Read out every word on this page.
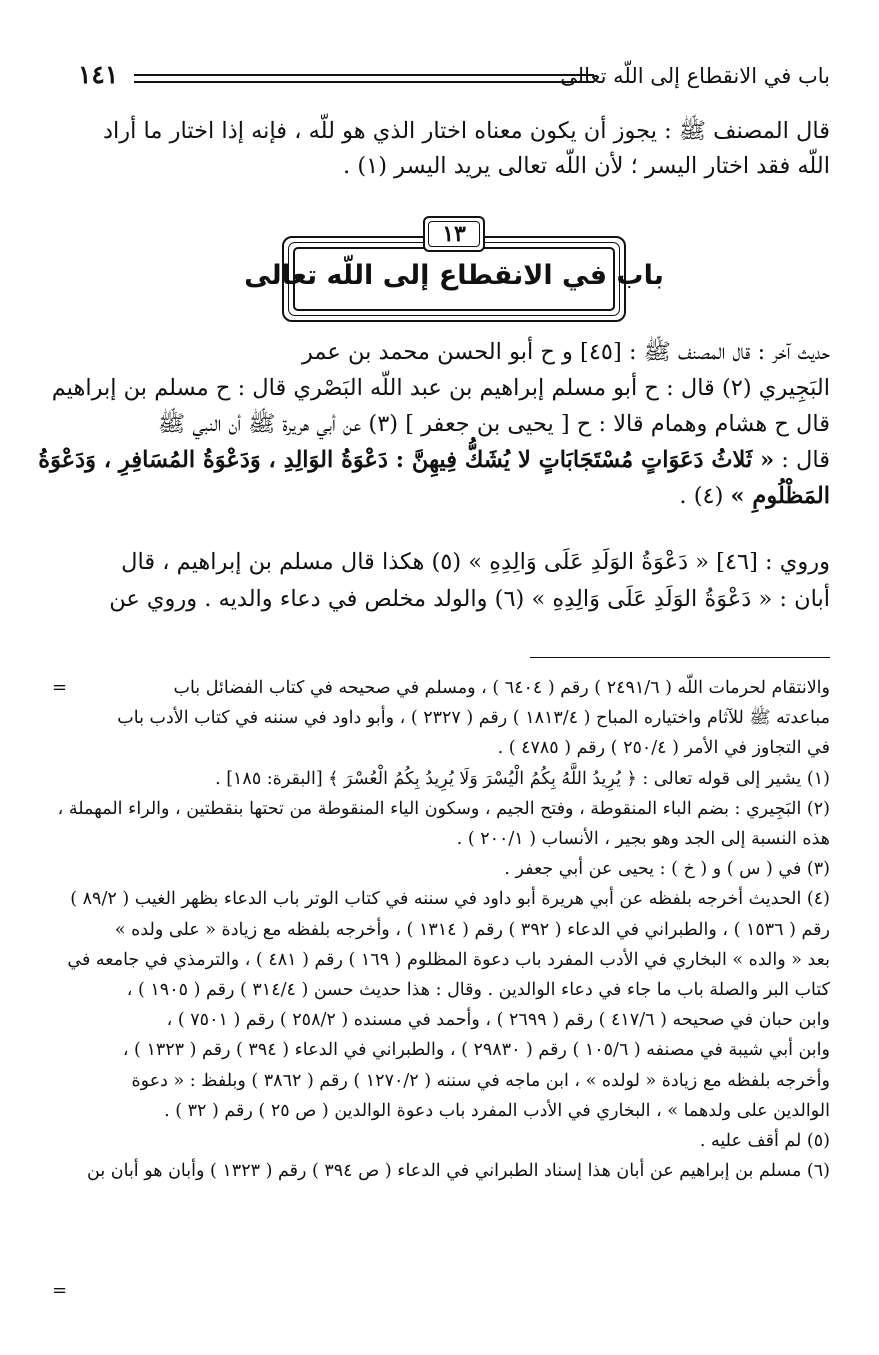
باب في الانقطاع إلى اللّه تعالى
١٤١
قال المصنف ﷺ : يجوز أن يكون معناه اختار الذي هو للّه ، فإنه إذا اختار ما أراد
اللّه فقد اختار اليسر ؛ لأن اللّه تعالى يريد اليسر (١) .
١٣
باب في الانقطاع إلى اللّه تعالى
حديث آخر : قال المصنف ﷺ : [٤٥] و ح أبو الحسن محمد بن عمر
البَجِيري (٢) قال : ح أبو مسلم إبراهيم بن عبد اللّه البَصْري قال : ح مسلم بن إبراهيم
قال ح هشام وهمام قالا : ح [ يحيى بن جعفر ] (٣) عن أبي هريرة ﷺ أن النبي ﷺ
قال : « ثَلاثُ دَعَوَاتٍ مُسْتَجَابَاتٍ لا يُشَكُّ فِيهِنَّ : دَعْوَةُ الوَالِدِ ، وَدَعْوَةُ المُسَافِرِ ، وَدَعْوَةُ
المَظْلُومِ » (٤) .
وروي : [٤٦] « دَعْوَةُ الوَلَدِ عَلَى وَالِدِهِ » (٥) هكذا قال مسلم بن إبراهيم ، قال
أبان : « دَعْوَةُ الوَلَدِ عَلَى وَالِدِهِ » (٦) والولد مخلص في دعاء والديه . وروي عن
=	والانتقام لحرمات اللّه ( ٢٤٩١/٦ ) رقم ( ٦٤٠٤ ) ، ومسلم في صحيحه في كتاب الفضائل باب
مباعدته ﷺ للآثام واختياره المباح ( ١٨١٣/٤ ) رقم ( ٢٣٢٧ ) ، وأبو داود في سننه في كتاب الأدب باب
في التجاوز في الأمر ( ٢٥٠/٤ ) رقم ( ٤٧٨٥ ) .
(١) يشير إلى قوله تعالى : ﴿ يُرِيدُ اللَّهُ بِكُمُ الْيُسْرَ وَلَا يُرِيدُ بِكُمُ الْعُسْرَ ﴾ [البقرة: ١٨٥] .
(٢) البَجِيري : بضم الباء المنقوطة ، وفتح الجيم ، وسكون الياء المنقوطة من تحتها بنقطتين ، والراء المهملة ،
هذه النسبة إلى الجد وهو بجير ، الأنساب ( ٢٠٠/١ ) .
(٣) في ( س ) و ( خ ) : يحيى عن أبي جعفر .
(٤) الحديث أخرجه بلفظه عن أبي هريرة أبو داود في سننه في كتاب الوتر باب الدعاء بظهر الغيب ( ٨٩/٢ )
رقم ( ١٥٣٦ ) ، والطبراني في الدعاء ( ٣٩٢ ) رقم ( ١٣١٤ ) ، وأخرجه بلفظه مع زيادة « على ولده »
بعد « والده » البخاري في الأدب المفرد باب دعوة المظلوم ( ١٦٩ ) رقم ( ٤٨١ ) ، والترمذي في جامعه في
كتاب البر والصلة باب ما جاء في دعاء الوالدين . وقال : هذا حديث حسن ( ٣١٤/٤ ) رقم ( ١٩٠٥ ) ،
وابن حبان في صحيحه ( ٤١٧/٦ ) رقم ( ٢٦٩٩ ) ، وأحمد في مسنده ( ٢٥٨/٢ ) رقم ( ٧٥٠١ ) ،
وابن أبي شيبة في مصنفه ( ١٠٥/٦ ) رقم ( ٢٩٨٣٠ ) ، والطبراني في الدعاء ( ٣٩٤ ) رقم ( ١٣٢٣ ) ،
وأخرجه بلفظه مع زيادة « لولده » ، ابن ماجه في سننه ( ١٢٧٠/٢ ) رقم ( ٣٨٦٢ ) وبلفظ : « دعوة
الوالدين على ولدهما » ، البخاري في الأدب المفرد باب دعوة الوالدين ( ص ٢٥ ) رقم ( ٣٢ ) .
(٥) لم أقف عليه .
(٦) مسلم بن إبراهيم عن أبان هذا إسناد الطبراني في الدعاء ( ص ٣٩٤ ) رقم ( ١٣٢٣ ) وأبان هو أبان بن
=
